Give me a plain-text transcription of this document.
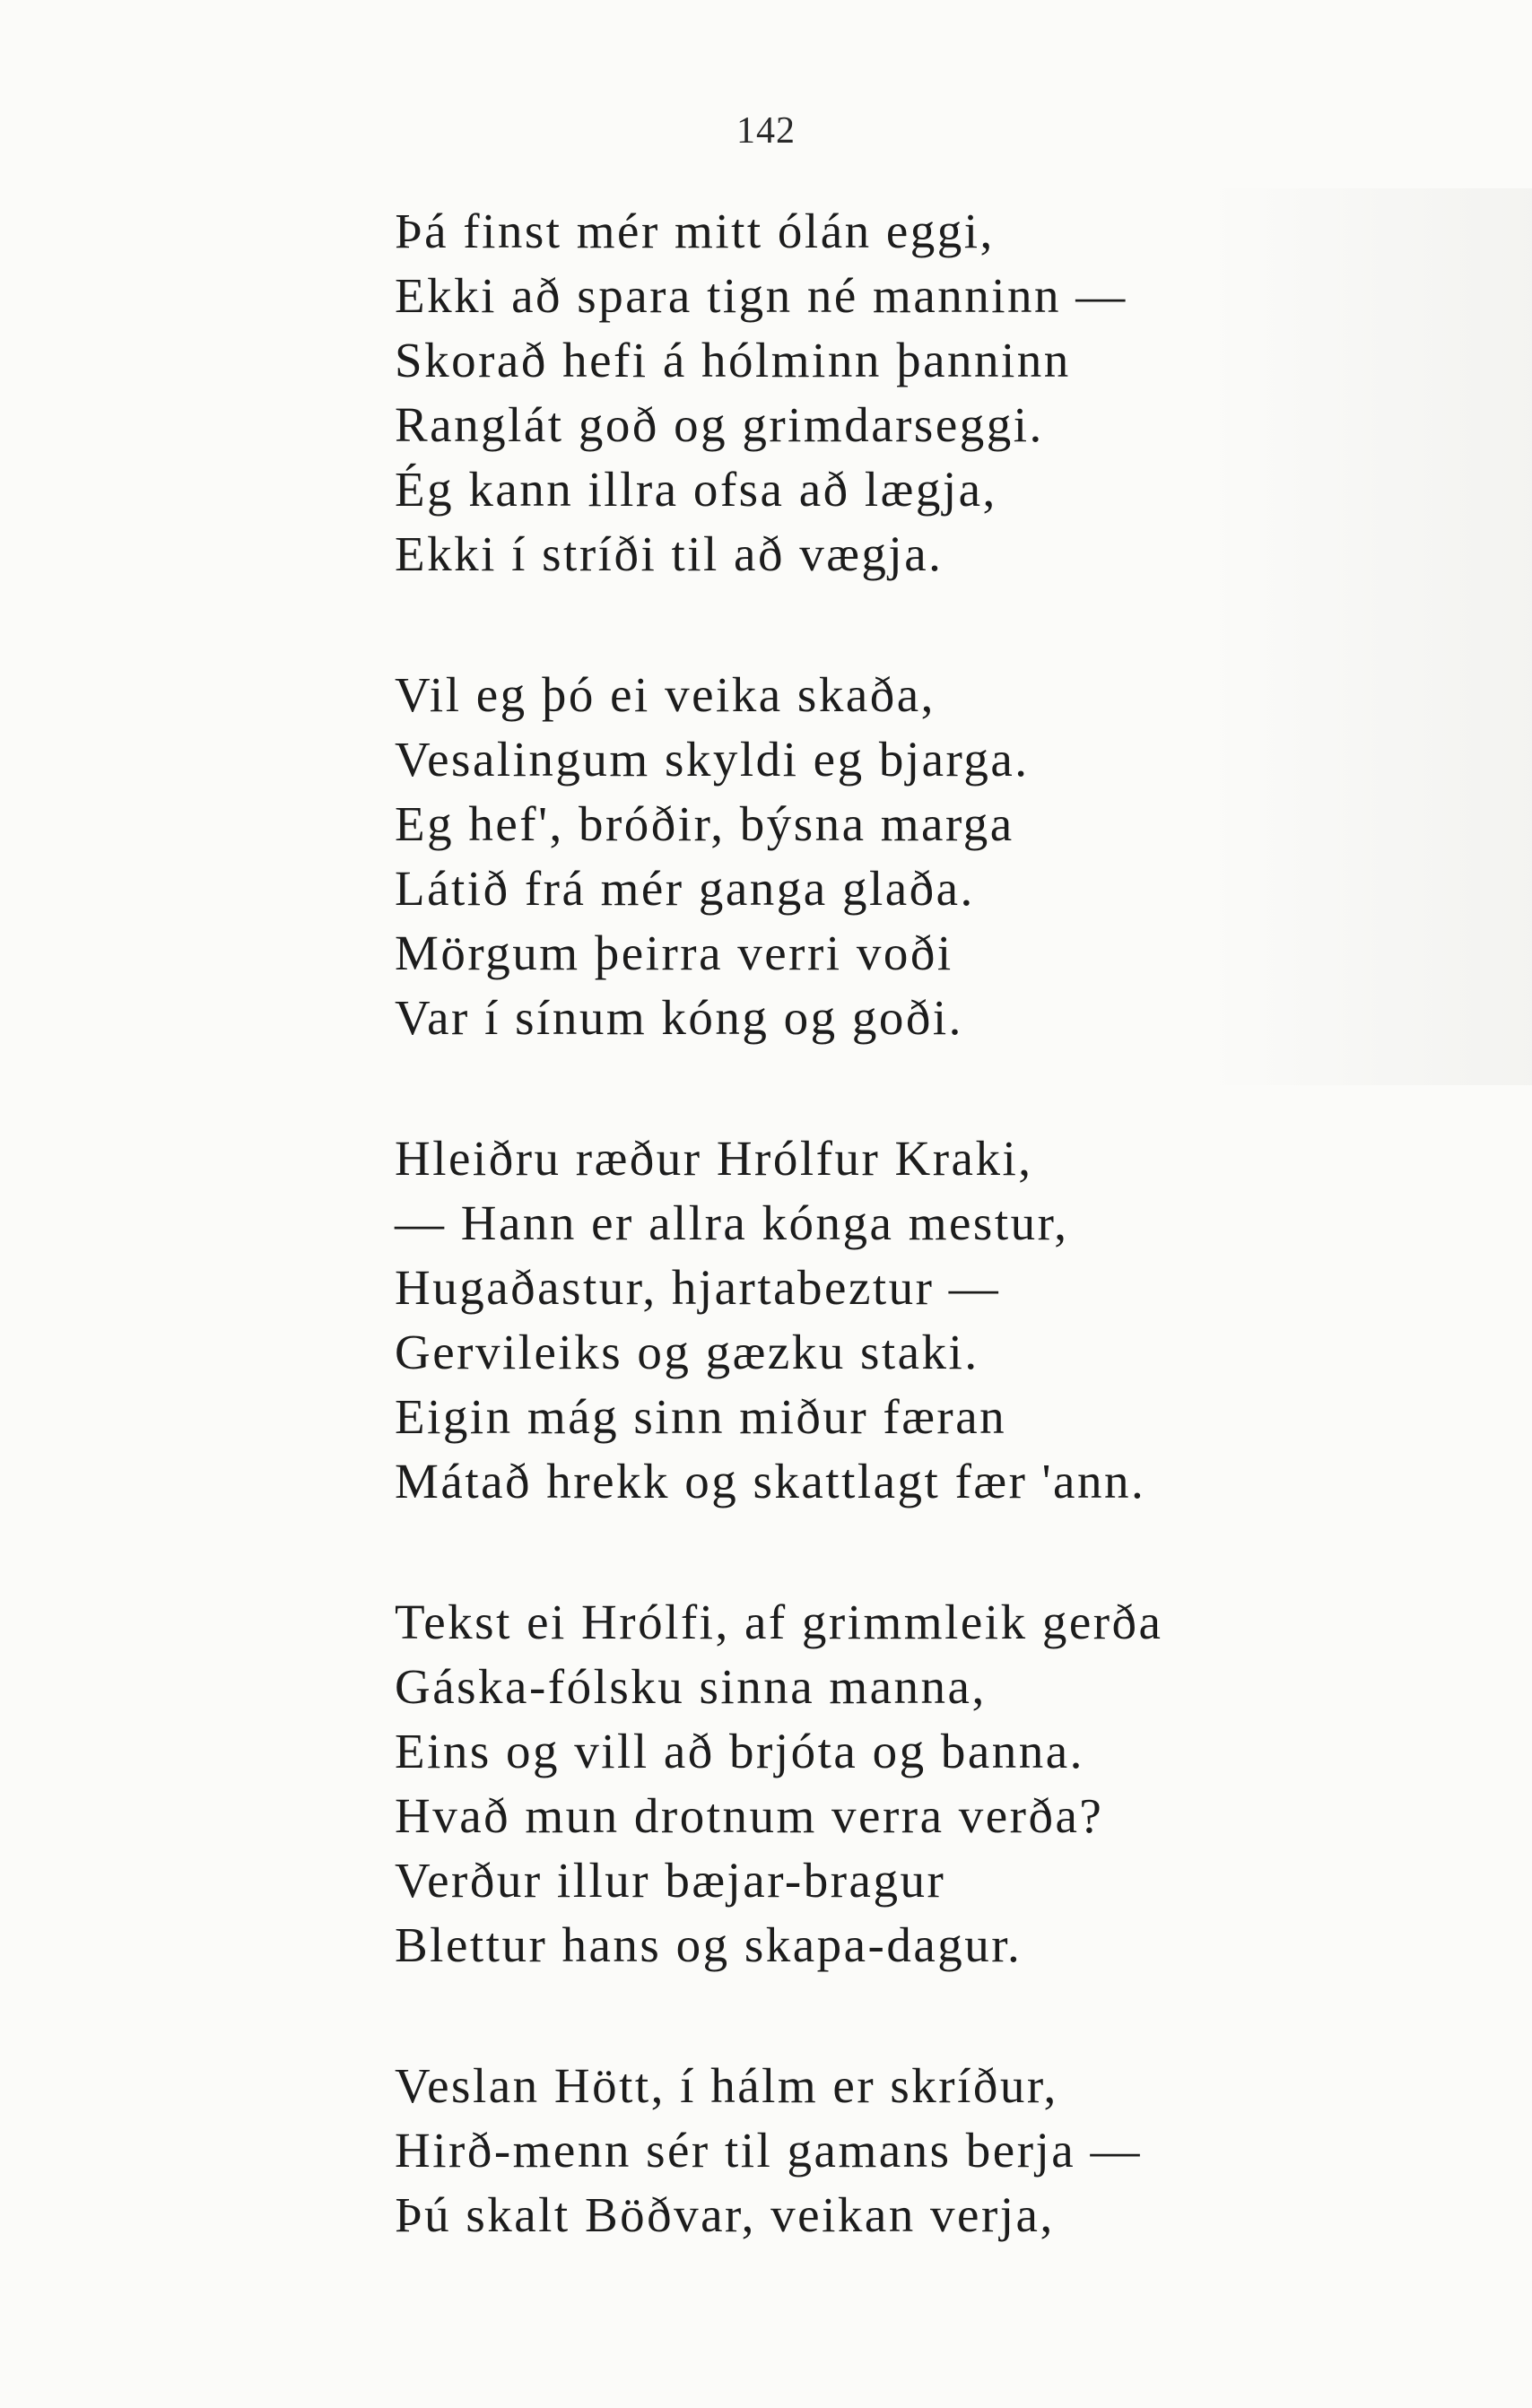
142
Þá finst mér mitt ólán eggi,
Ekki að spara tign né manninn —
Skorað hefi á hólminn þanninn
Ranglát goð og grimdarseggi.
Ég kann illra ofsa að lægja,
Ekki í stríði til að vægja.
Vil eg þó ei veika skaða,
Vesalingum skyldi eg bjarga.
Eg hef', bróðir, býsna marga
Látið frá mér ganga glaða.
Mörgum þeirra verri voði
Var í sínum kóng og goði.
Hleiðru ræður Hrólfur Kraki,
— Hann er allra kónga mestur,
Hugaðastur, hjartabeztur —
Gervileiks og gæzku staki.
Eigin mág sinn miður færan
Mátað hrekk og skattlagt fær 'ann.
Tekst ei Hrólfi, af grimmleik gerða
Gáska-fólsku sinna manna,
Eins og vill að brjóta og banna.
Hvað mun drotnum verra verða?
Verður illur bæjar-bragur
Blettur hans og skapa-dagur.
Veslan Hött, í hálm er skríður,
Hirð-menn sér til gamans berja —
Þú skalt Böðvar, veikan verja,
